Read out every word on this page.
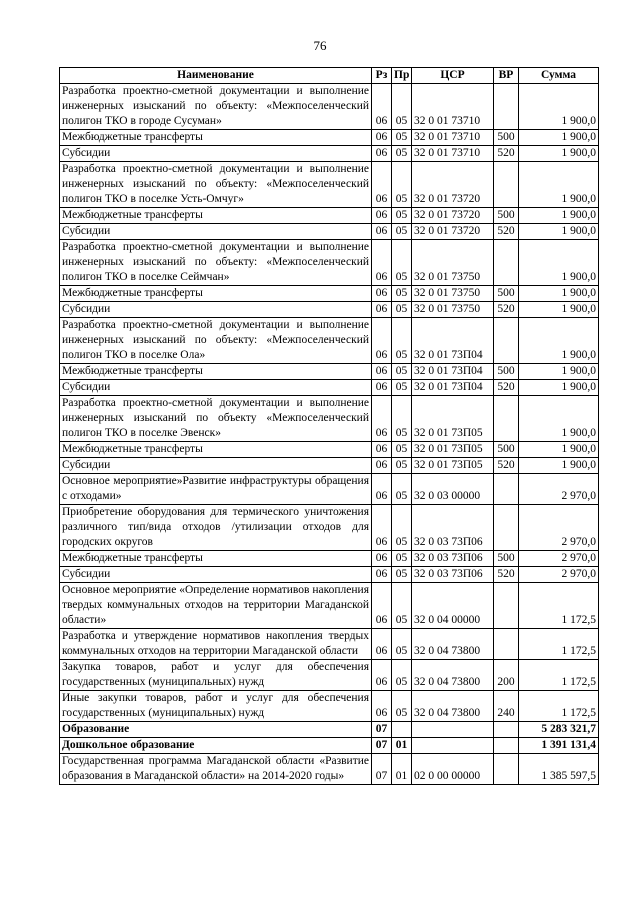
76
Наименование	Рз	Пр	ЦСР	ВР	Сумма
Разработка проектно-сметной документации и выполнение инженерных изысканий по объекту: «Межпоселенческий полигон ТКО в городе Сусуман»	06	05	32 0 01 73710		1 900,0
Межбюджетные трансферты	06	05	32 0 01 73710	500	1 900,0
Субсидии	06	05	32 0 01 73710	520	1 900,0
Разработка проектно-сметной документации и выполнение инженерных изысканий по объекту: «Межпоселенческий полигон ТКО в поселке Усть-Омчуг»	06	05	32 0 01 73720		1 900,0
Межбюджетные трансферты	06	05	32 0 01 73720	500	1 900,0
Субсидии	06	05	32 0 01 73720	520	1 900,0
Разработка проектно-сметной документации и выполнение инженерных изысканий по объекту: «Межпоселенческий полигон ТКО в поселке Сеймчан»	06	05	32 0 01 73750		1 900,0
Межбюджетные трансферты	06	05	32 0 01 73750	500	1 900,0
Субсидии	06	05	32 0 01 73750	520	1 900,0
Разработка проектно-сметной документации и выполнение инженерных изысканий по объекту: «Межпоселенческий полигон ТКО в поселке Ола»	06	05	32 0 01 73П04		1 900,0
Межбюджетные трансферты	06	05	32 0 01 73П04	500	1 900,0
Субсидии	06	05	32 0 01 73П04	520	1 900,0
Разработка проектно-сметной документации и выполнение инженерных изысканий по объекту «Межпоселенческий полигон ТКО в поселке Эвенск»	06	05	32 0 01 73П05		1 900,0
Межбюджетные трансферты	06	05	32 0 01 73П05	500	1 900,0
Субсидии	06	05	32 0 01 73П05	520	1 900,0
Основное мероприятие»Развитие инфраструктуры обращения с отходами»	06	05	32 0 03 00000		2 970,0
Приобретение оборудования для термического уничтожения различного тип/вида отходов /утилизации отходов для городских округов	06	05	32 0 03 73П06		2 970,0
Межбюджетные трансферты	06	05	32 0 03 73П06	500	2 970,0
Субсидии	06	05	32 0 03 73П06	520	2 970,0
Основное мероприятие «Определение нормативов накопления твердых коммунальных отходов на территории Магаданской области»	06	05	32 0 04 00000		1 172,5
Разработка и утверждение нормативов накопления твердых коммунальных отходов на территории Магаданской области	06	05	32 0 04 73800		1 172,5
Закупка товаров, работ и услуг для обеспечения государственных (муниципальных) нужд	06	05	32 0 04 73800	200	1 172,5
Иные закупки товаров, работ и услуг для обеспечения государственных (муниципальных) нужд	06	05	32 0 04 73800	240	1 172,5
Образование	07				5 283 321,7
Дошкольное образование	07	01			1 391 131,4
Государственная программа Магаданской области «Развитие образования в Магаданской области» на 2014-2020 годы»	07	01	02 0 00 00000		1 385 597,5
